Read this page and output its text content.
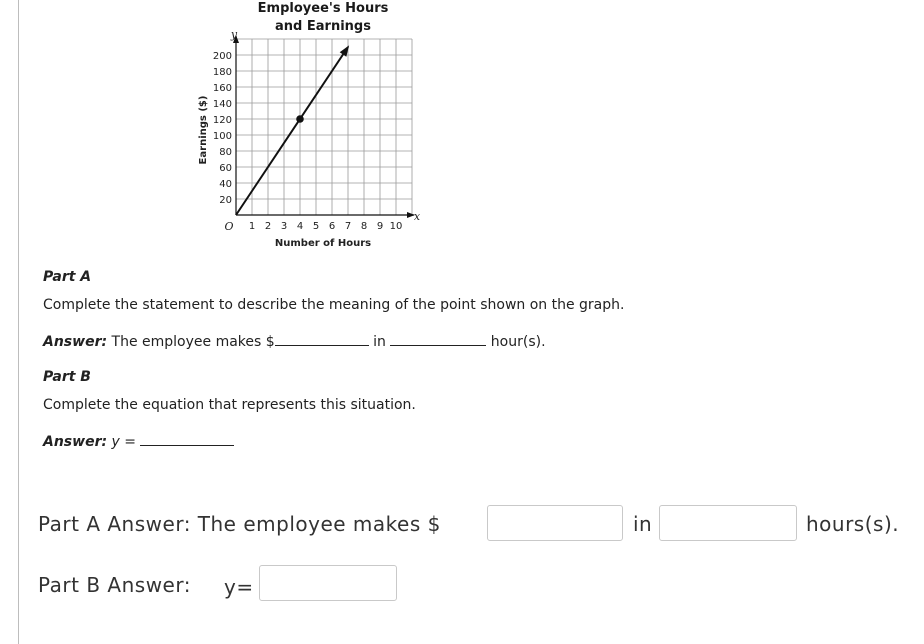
Employee's Hours
and Earnings
1 2 3 4 5 6 7 8 9 10
20
40
60
80
100
120
140
160
180
200
y
x
O
Earnings ($)
Number of Hours
Part A
Complete the statement to describe the meaning of the point shown on the graph.
Answer: The employee makes $	in	hour(s).
Part B
Complete the equation that represents this situation.
Answer: y =
Part A Answer: The employee makes $	in	hours(s).
Part B Answer: y=
